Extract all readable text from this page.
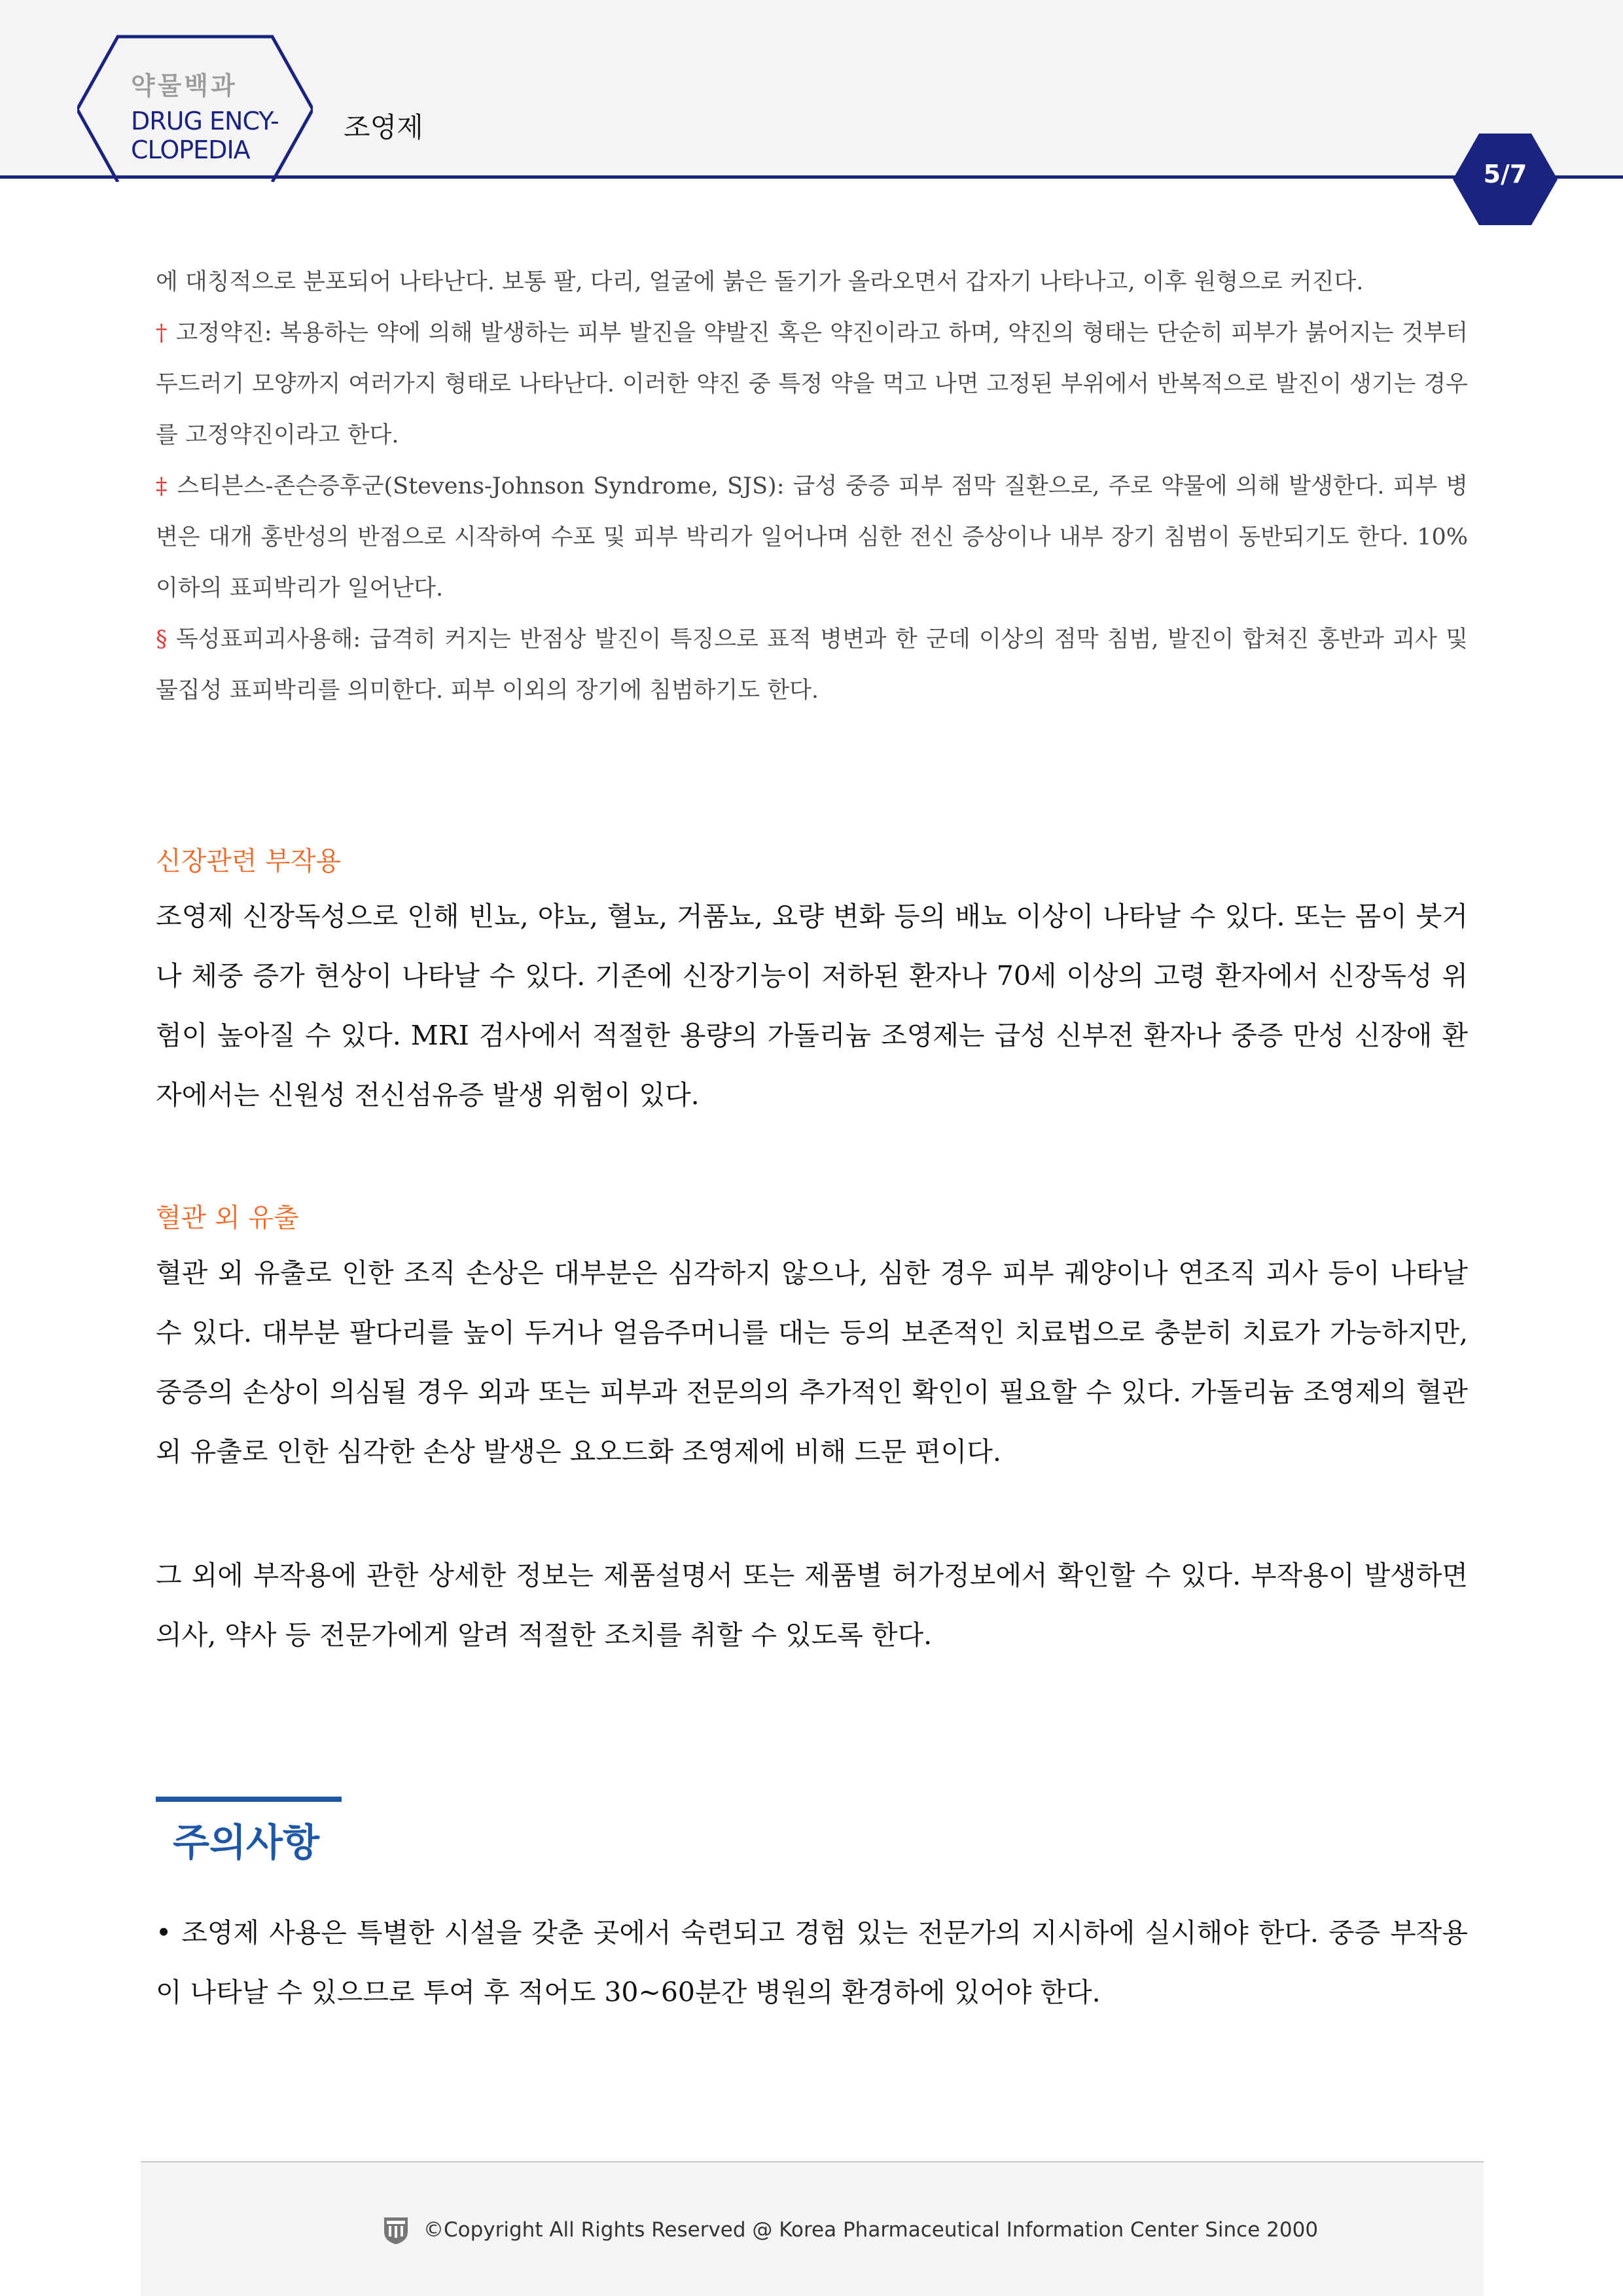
약물백과
DRUG ENCY-
CLOPEDIA
조영제
5/7

에 대칭적으로 분포되어 나타난다. 보통 팔, 다리, 얼굴에 붉은 돌기가 올라오면서 갑자기 나타나고, 이후 원형으로 커진다.

† 고정약진: 복용하는 약에 의해 발생하는 피부 발진을 약발진 혹은 약진이라고 하며, 약진의 형태는 단순히 피부가 붉어지는 것부터 두드러기 모양까지 여러가지 형태로 나타난다. 이러한 약진 중 특정 약을 먹고 나면 고정된 부위에서 반복적으로 발진이 생기는 경우를 고정약진이라고 한다.

‡ 스티븐스-존슨증후군(Stevens-Johnson Syndrome, SJS): 급성 중증 피부 점막 질환으로, 주로 약물에 의해 발생한다. 피부 병변은 대개 홍반성의 반점으로 시작하여 수포 및 피부 박리가 일어나며 심한 전신 증상이나 내부 장기 침범이 동반되기도 한다. 10% 이하의 표피박리가 일어난다.

§ 독성표피괴사용해: 급격히 커지는 반점상 발진이 특징으로 표적 병변과 한 군데 이상의 점막 침범, 발진이 합쳐진 홍반과 괴사 및 물집성 표피박리를 의미한다. 피부 이외의 장기에 침범하기도 한다.

신장관련 부작용

조영제 신장독성으로 인해 빈뇨, 야뇨, 혈뇨, 거품뇨, 요량 변화 등의 배뇨 이상이 나타날 수 있다. 또는 몸이 붓거나 체중 증가 현상이 나타날 수 있다. 기존에 신장기능이 저하된 환자나 70세 이상의 고령 환자에서 신장독성 위험이 높아질 수 있다. MRI 검사에서 적절한 용량의 가돌리늄 조영제는 급성 신부전 환자나 중증 만성 신장애 환자에서는 신원성 전신섬유증 발생 위험이 있다.

혈관 외 유출

혈관 외 유출로 인한 조직 손상은 대부분은 심각하지 않으나, 심한 경우 피부 궤양이나 연조직 괴사 등이 나타날 수 있다. 대부분 팔다리를 높이 두거나 얼음주머니를 대는 등의 보존적인 치료법으로 충분히 치료가 가능하지만, 중증의 손상이 의심될 경우 외과 또는 피부과 전문의의 추가적인 확인이 필요할 수 있다. 가돌리늄 조영제의 혈관 외 유출로 인한 심각한 손상 발생은 요오드화 조영제에 비해 드문 편이다.

그 외에 부작용에 관한 상세한 정보는 제품설명서 또는 제품별 허가정보에서 확인할 수 있다. 부작용이 발생하면 의사, 약사 등 전문가에게 알려 적절한 조치를 취할 수 있도록 한다.

주의사항

• 조영제 사용은 특별한 시설을 갖춘 곳에서 숙련되고 경험 있는 전문가의 지시하에 실시해야 한다. 중증 부작용이 나타날 수 있으므로 투여 후 적어도 30~60분간 병원의 환경하에 있어야 한다.

©Copyright All Rights Reserved @ Korea Pharmaceutical Information Center Since 2000
